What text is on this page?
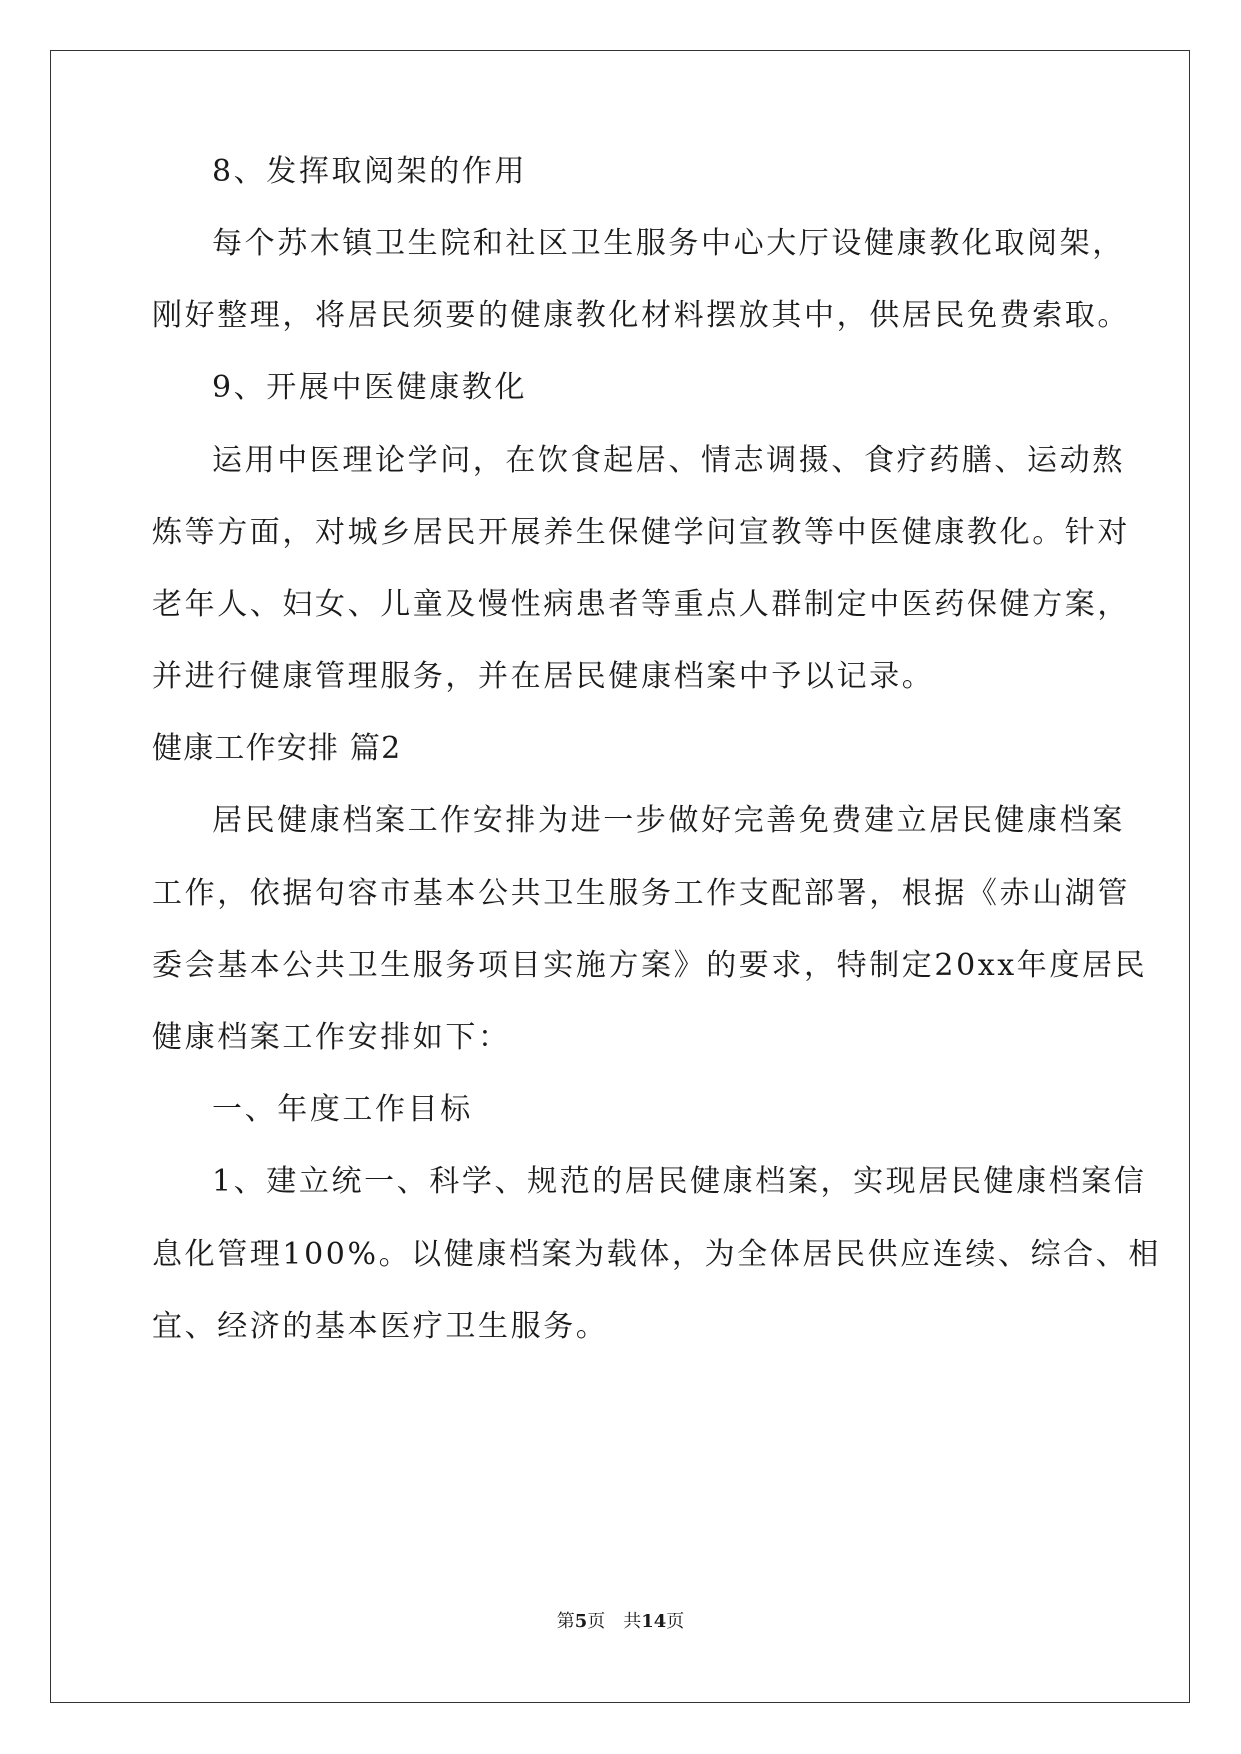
8、发挥取阅架的作用
每个苏木镇卫生院和社区卫生服务中心大厅设健康教化取阅架，
刚好整理，将居民须要的健康教化材料摆放其中，供居民免费索取。
9、开展中医健康教化
运用中医理论学问，在饮食起居、情志调摄、食疗药膳、运动熬
炼等方面，对城乡居民开展养生保健学问宣教等中医健康教化。针对
老年人、妇女、儿童及慢性病患者等重点人群制定中医药保健方案，
并进行健康管理服务，并在居民健康档案中予以记录。
健康工作安排 篇2
居民健康档案工作安排为进一步做好完善免费建立居民健康档案
工作，依据句容市基本公共卫生服务工作支配部署，根据《赤山湖管
委会基本公共卫生服务项目实施方案》的要求，特制定20xx年度居民
健康档案工作安排如下：
一、年度工作目标
1、建立统一、科学、规范的居民健康档案，实现居民健康档案信
息化管理100%。以健康档案为载体，为全体居民供应连续、综合、相
宜、经济的基本医疗卫生服务。
第5页 共14页
